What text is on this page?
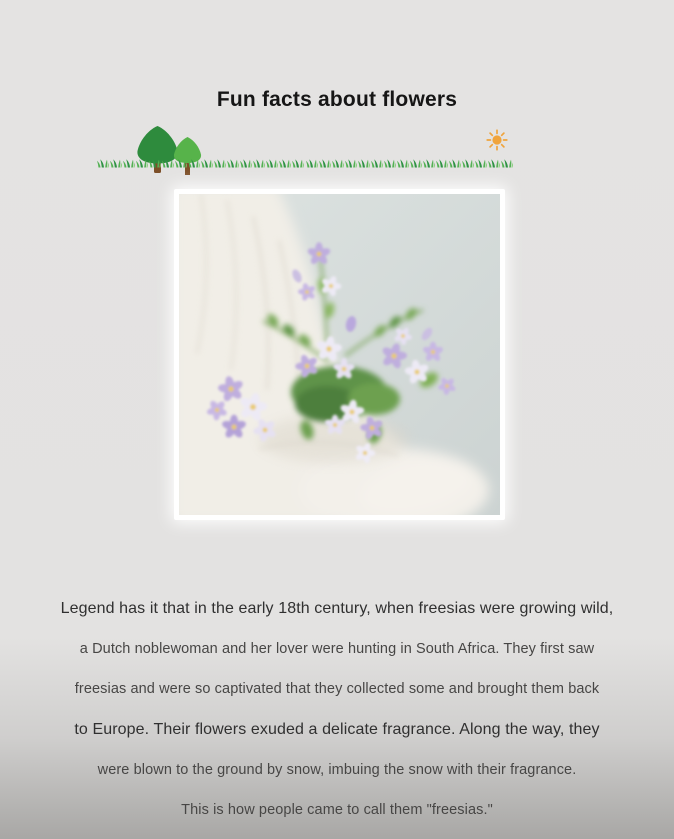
Fun facts about flowers

Legend has it that in the early 18th century, when freesias were growing wild,

a Dutch noblewoman and her lover were hunting in South Africa. They first saw

freesias and were so captivated that they collected some and brought them back

to Europe. Their flowers exuded a delicate fragrance. Along the way, they

were blown to the ground by snow, imbuing the snow with their fragrance.

This is how people came to call them "freesias."
